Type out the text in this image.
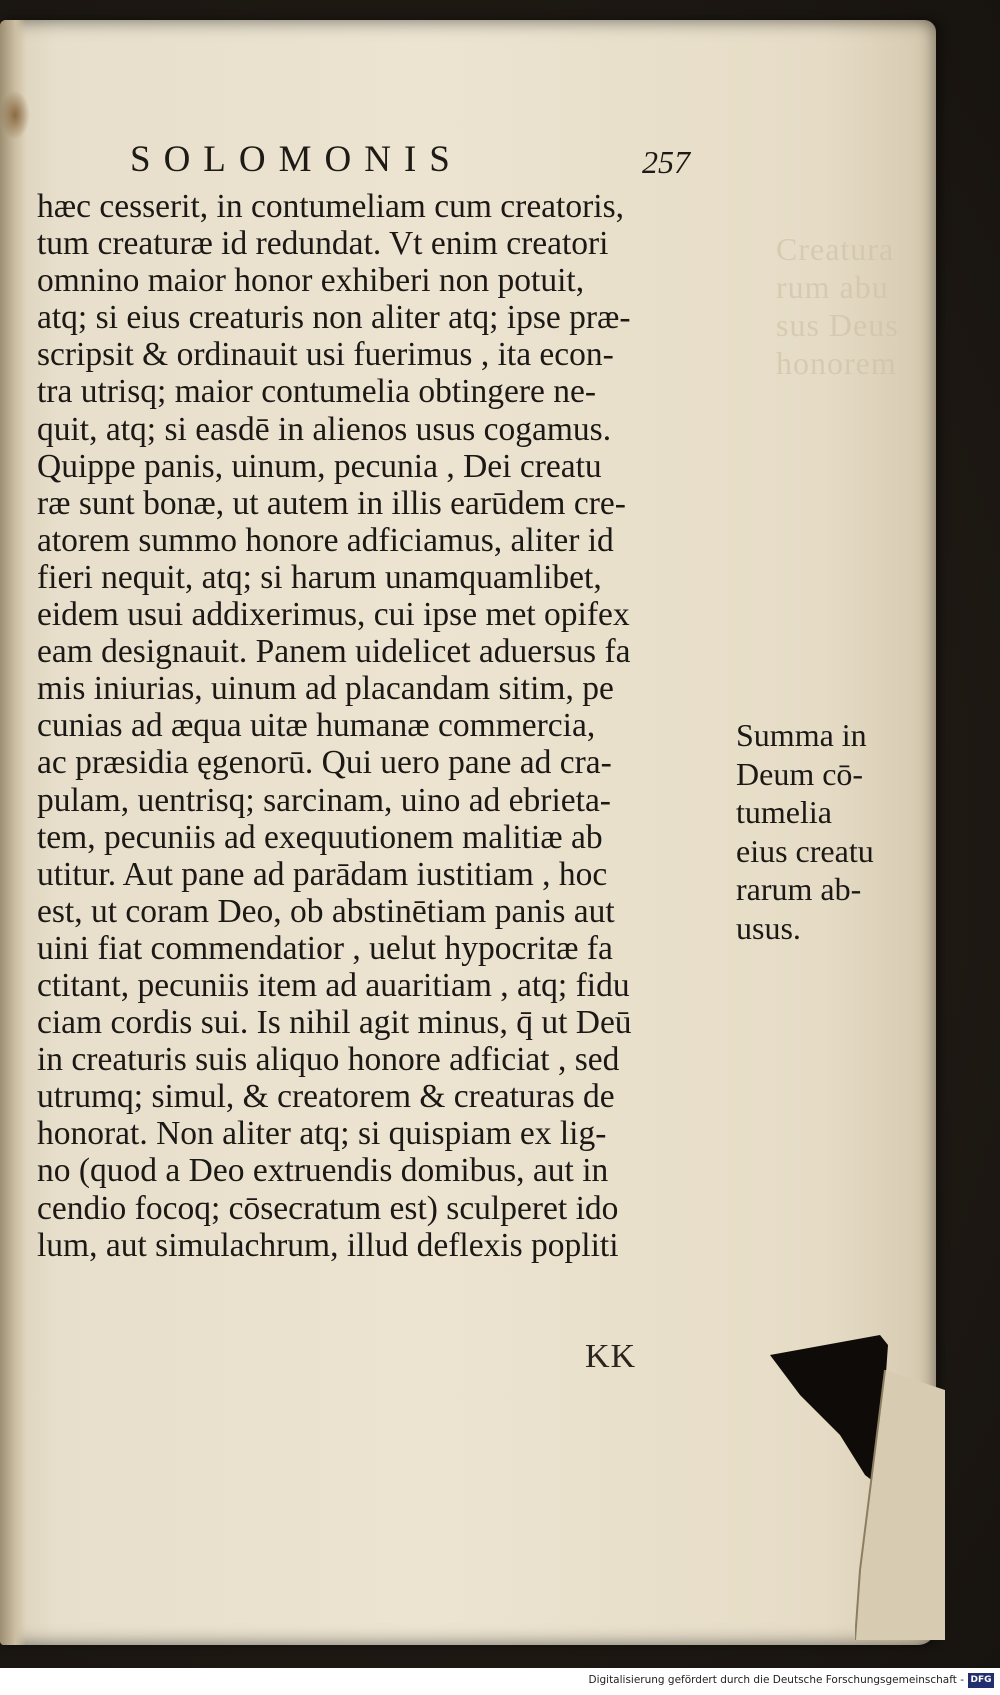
Creatura
rum abu
sus Deus
honorem
SOLOMONIS	257
hæc cesserit, in contumeliam cum creatoris,
tum creaturæ id redundat. Vt enim creatori
omnino maior honor exhiberi non potuit,
atq; si eius creaturis non aliter atq; ipse præ-
scripsit & ordinauit usi fuerimus , ita econ-
tra utrisq; maior contumelia obtingere ne-
quit, atq; si easdē in alienos usus cogamus.
Quippe panis, uinum, pecunia , Dei creatu
ræ sunt bonæ, ut autem in illis earūdem cre-
atorem summo honore adficiamus, aliter id
fieri nequit, atq; si harum unamquamlibet,
eidem usui addixerimus, cui ipse met opifex
eam designauit. Panem uidelicet aduersus fa
mis iniurias, uinum ad placandam sitim, pe
cunias ad æqua uitæ humanæ commercia,
ac præsidia ęgenorū. Qui uero pane ad cra-
pulam, uentrisq; sarcinam, uino ad ebrieta-
tem, pecuniis ad exequutionem malitiæ ab
utitur. Aut pane ad parādam iustitiam , hoc
est, ut coram Deo, ob abstinētiam panis aut
uini fiat commendatior , uelut hypocritæ fa
ctitant, pecuniis item ad auaritiam , atq; fidu
ciam cordis sui. Is nihil agit minus, q̄ ut Deū
in creaturis suis aliquo honore adficiat , sed
utrumq; simul, & creatorem & creaturas de
honorat. Non aliter atq; si quispiam ex lig-
no (quod a Deo extruendis domibus, aut in
cendio focoq; cōsecratum est) sculperet ido
lum, aut simulachrum, illud deflexis popliti
KK
Summa in
Deum cō-
tumelia
eius creatu
rarum ab-
usus.
Digitalisierung gefördert durch die Deutsche Forschungsgemeinschaft - DFG
